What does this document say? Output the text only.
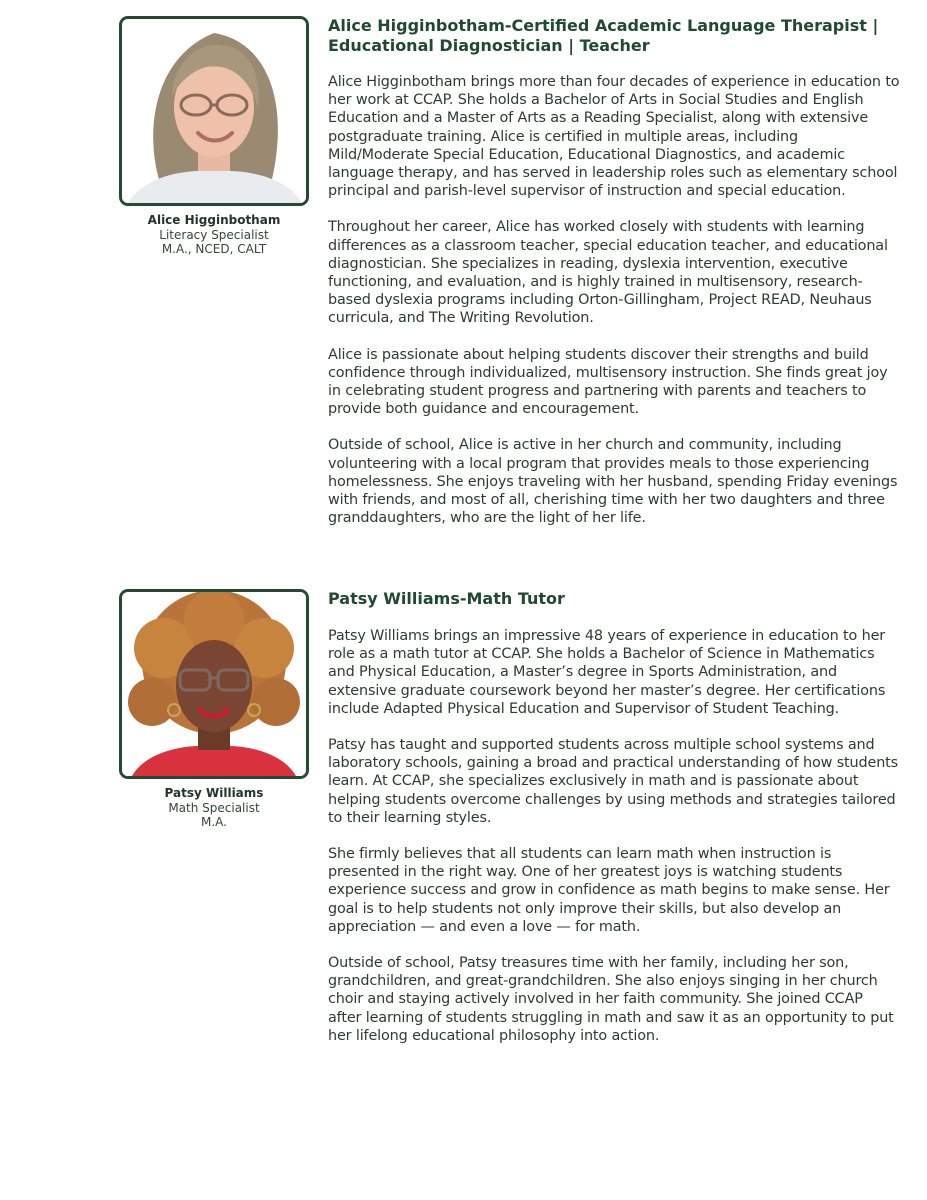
Alice Higginbotham
Literacy Specialist
M.A., NCED, CALT
Alice Higginbotham-Certified Academic Language Therapist | Educational Diagnostician | Teacher

Alice Higginbotham brings more than four decades of experience in education to her work at CCAP. She holds a Bachelor of Arts in Social Studies and English Education and a Master of Arts as a Reading Specialist, along with extensive postgraduate training. Alice is certified in multiple areas, including Mild/Moderate Special Education, Educational Diagnostics, and academic language therapy, and has served in leadership roles such as elementary school principal and parish-level supervisor of instruction and special education.

Throughout her career, Alice has worked closely with students with learning differences as a classroom teacher, special education teacher, and educational diagnostician. She specializes in reading, dyslexia intervention, executive functioning, and evaluation, and is highly trained in multisensory, research-based dyslexia programs including Orton-Gillingham, Project READ, Neuhaus curricula, and The Writing Revolution.

Alice is passionate about helping students discover their strengths and build confidence through individualized, multisensory instruction. She finds great joy in celebrating student progress and partnering with parents and teachers to provide both guidance and encouragement.

Outside of school, Alice is active in her church and community, including volunteering with a local program that provides meals to those experiencing homelessness. She enjoys traveling with her husband, spending Friday evenings with friends, and most of all, cherishing time with her two daughters and three granddaughters, who are the light of her life.

Patsy Williams
Math Specialist
M.A.
Patsy Williams-Math Tutor

Patsy Williams brings an impressive 48 years of experience in education to her role as a math tutor at CCAP. She holds a Bachelor of Science in Mathematics and Physical Education, a Master’s degree in Sports Administration, and extensive graduate coursework beyond her master’s degree. Her certifications include Adapted Physical Education and Supervisor of Student Teaching.

Patsy has taught and supported students across multiple school systems and laboratory schools, gaining a broad and practical understanding of how students learn. At CCAP, she specializes exclusively in math and is passionate about helping students overcome challenges by using methods and strategies tailored to their learning styles.

She firmly believes that all students can learn math when instruction is presented in the right way. One of her greatest joys is watching students experience success and grow in confidence as math begins to make sense. Her goal is to help students not only improve their skills, but also develop an appreciation — and even a love — for math.

Outside of school, Patsy treasures time with her family, including her son, grandchildren, and great-grandchildren. She also enjoys singing in her church choir and staying actively involved in her faith community. She joined CCAP after learning of students struggling in math and saw it as an opportunity to put her lifelong educational philosophy into action.
